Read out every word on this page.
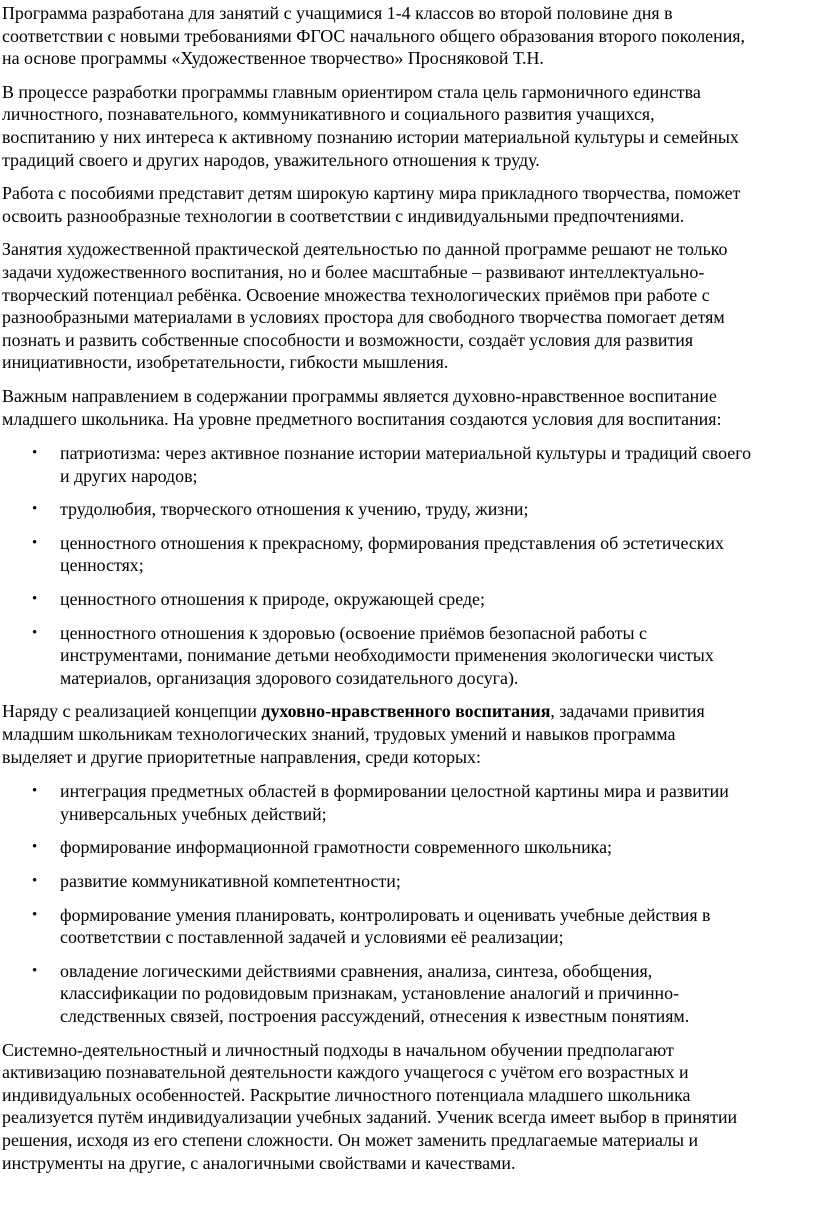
Программа разработана для занятий с учащимися 1-4 классов во второй половине дня в
соответствии с новыми требованиями ФГОС начального общего образования второго поколения,
на основе программы «Художественное творчество» Просняковой Т.Н.

В процессе разработки программы главным ориентиром стала цель гармоничного единства
личностного, познавательного, коммуникативного и социального развития учащихся,
воспитанию у них интереса к активному познанию истории материальной культуры и семейных
традиций своего и других народов, уважительного отношения к труду.

Работа с пособиями представит детям широкую картину мира прикладного творчества, поможет
освоить разнообразные технологии в соответствии с индивидуальными предпочтениями.

Занятия художественной практической деятельностью по данной программе решают не только
задачи художественного воспитания, но и более масштабные – развивают интеллектуально-
творческий потенциал ребёнка. Освоение множества технологических приёмов при работе с
разнообразными материалами в условиях простора для свободного творчества помогает детям
познать и развить собственные способности и возможности, создаёт условия для развития
инициативности, изобретательности, гибкости мышления.

Важным направлением в содержании программы является духовно-нравственное воспитание
младшего школьника. На уровне предметного воспитания создаются условия для воспитания:

• патриотизма: через активное познание истории материальной культуры и традиций своего
и других народов;
• трудолюбия, творческого отношения к учению, труду, жизни;
• ценностного отношения к прекрасному, формирования представления об эстетических
ценностях;
• ценностного отношения к природе, окружающей среде;
• ценностного отношения к здоровью (освоение приёмов безопасной работы с
инструментами, понимание детьми необходимости применения экологически чистых
материалов, организация здорового созидательного досуга).

Наряду с реализацией концепции духовно-нравственного воспитания, задачами привития
младшим школьникам технологических знаний, трудовых умений и навыков программа
выделяет и другие приоритетные направления, среди которых:

• интеграция предметных областей в формировании целостной картины мира и развитии
универсальных учебных действий;
• формирование информационной грамотности современного школьника;
• развитие коммуникативной компетентности;
• формирование умения планировать, контролировать и оценивать учебные действия в
соответствии с поставленной задачей и условиями её реализации;
• овладение логическими действиями сравнения, анализа, синтеза, обобщения,
классификации по родовидовым признакам, установление аналогий и причинно-
следственных связей, построения рассуждений, отнесения к известным понятиям.

Системно-деятельностный и личностный подходы в начальном обучении предполагают
активизацию познавательной деятельности каждого учащегося с учётом его возрастных и
индивидуальных особенностей. Раскрытие личностного потенциала младшего школьника
реализуется путём индивидуализации учебных заданий. Ученик всегда имеет выбор в принятии
решения, исходя из его степени сложности. Он может заменить предлагаемые материалы и
инструменты на другие, с аналогичными свойствами и качествами.
